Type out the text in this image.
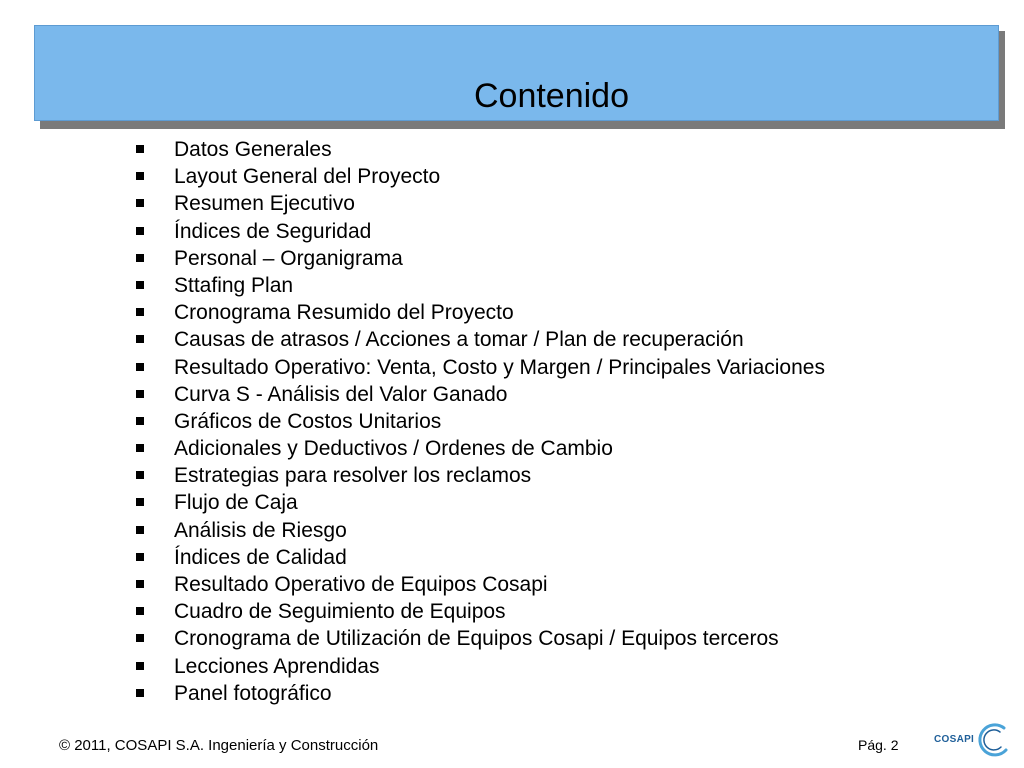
Contenido
Datos Generales
Layout General del Proyecto
Resumen Ejecutivo
Índices de Seguridad
Personal – Organigrama
Sttafing Plan
Cronograma Resumido del Proyecto
Causas de atrasos / Acciones a tomar / Plan de recuperación
Resultado Operativo: Venta, Costo y Margen / Principales Variaciones
Curva S - Análisis del Valor Ganado
Gráficos de Costos Unitarios
Adicionales y Deductivos / Ordenes de Cambio
Estrategias para resolver los reclamos
Flujo de Caja
Análisis de Riesgo
Índices de Calidad
Resultado Operativo de Equipos Cosapi
Cuadro de Seguimiento de Equipos
Cronograma de Utilización de Equipos Cosapi / Equipos terceros
Lecciones Aprendidas
Panel fotográfico
© 2011, COSAPI S.A. Ingeniería y Construcción	Pág. 2	COSAPI
